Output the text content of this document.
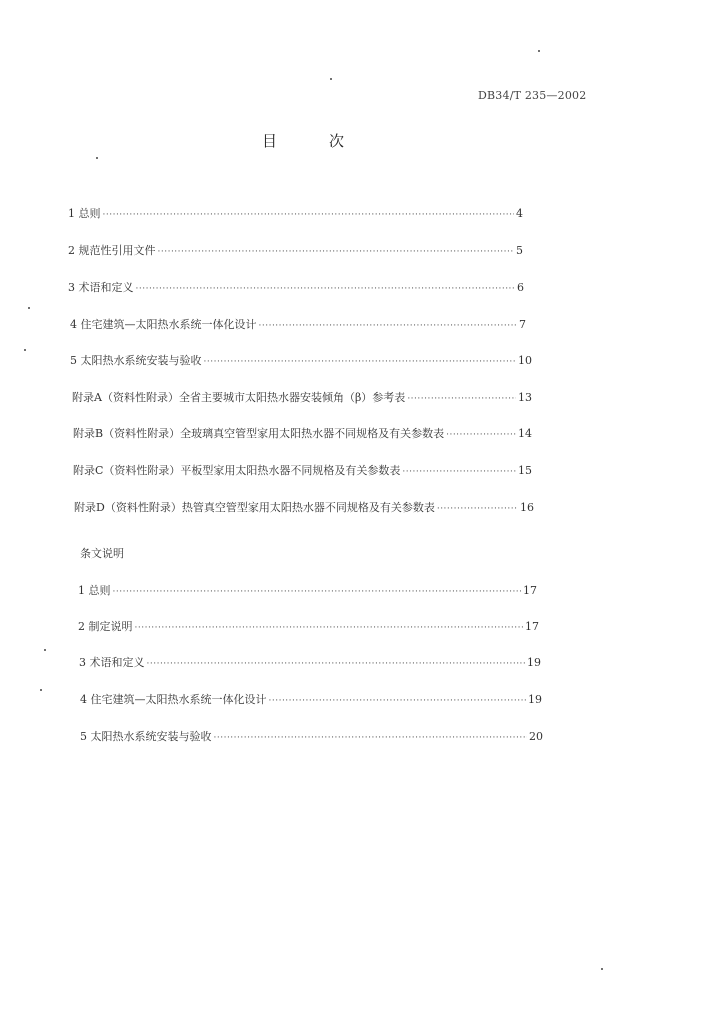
DB34/T 235—2002
目	次
1 总则 ·····	4
2 规范性引用文件 ·····	5
3 术语和定义 ·····	6
4 住宅建筑—太阳热水系统一体化设计 ·····	7
5 太阳热水系统安装与验收 ·····	10
附录A（资料性附录）全省主要城市太阳热水器安装倾角（β）参考表 ·····	13
附录B（资料性附录）全玻璃真空管型家用太阳热水器不同规格及有关参数表 ·····	14
附录C（资料性附录）平板型家用太阳热水器不同规格及有关参数表 ·····	15
附录D（资料性附录）热管真空管型家用太阳热水器不同规格及有关参数表 ·····	16
条文说明
1 总则 ·····	17
2 制定说明 ·····	17
3 术语和定义 ·····	19
4 住宅建筑—太阳热水系统一体化设计 ·····	19
5 太阳热水系统安装与验收 ·····	20
